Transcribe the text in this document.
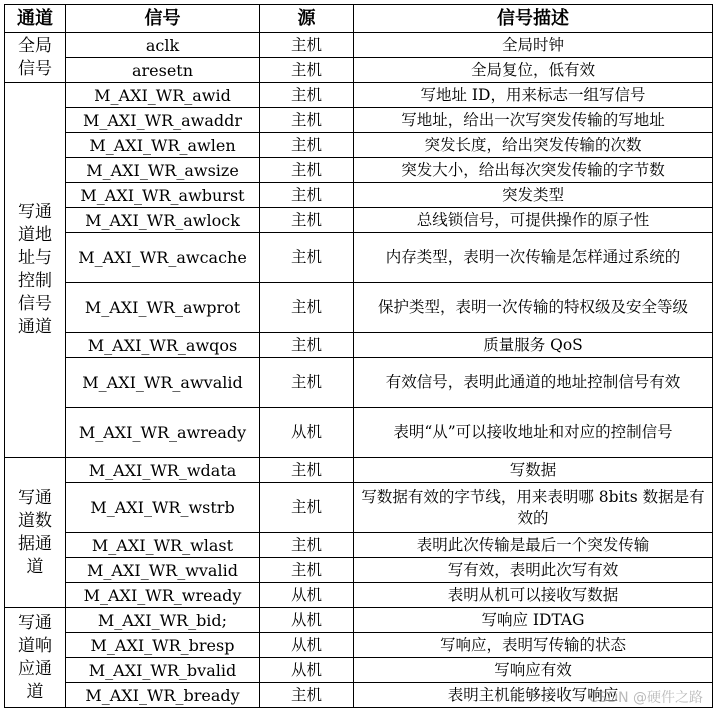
通道	信号	源	信号描述
全局信号	aclk	主机	全局时钟
	aresetn	主机	全局复位，低有效
写通道地址与控制信号通道	M_AXI_WR_awid	主机	写地址 ID，用来标志一组写信号
	M_AXI_WR_awaddr	主机	写地址，给出一次写突发传输的写地址
	M_AXI_WR_awlen	主机	突发长度，给出突发传输的次数
	M_AXI_WR_awsize	主机	突发大小，给出每次突发传输的字节数
	M_AXI_WR_awburst	主机	突发类型
	M_AXI_WR_awlock	主机	总线锁信号，可提供操作的原子性
	M_AXI_WR_awcache	主机	内存类型，表明一次传输是怎样通过系统的
	M_AXI_WR_awprot	主机	保护类型，表明一次传输的特权级及安全等级
	M_AXI_WR_awqos	主机	质量服务 QoS
	M_AXI_WR_awvalid	主机	有效信号，表明此通道的地址控制信号有效
	M_AXI_WR_awready	从机	表明“从”可以接收地址和对应的控制信号
写通道数据通道	M_AXI_WR_wdata	主机	写数据
	M_AXI_WR_wstrb	主机	写数据有效的字节线，用来表明哪 8bits 数据是有效的
	M_AXI_WR_wlast	主机	表明此次传输是最后一个突发传输
	M_AXI_WR_wvalid	主机	写有效，表明此次写有效
	M_AXI_WR_wready	从机	表明从机可以接收写数据
写通道响应通道	M_AXI_WR_bid;	从机	写响应 IDTAG
	M_AXI_WR_bresp	从机	写响应，表明写传输的状态
	M_AXI_WR_bvalid	从机	写响应有效
	M_AXI_WR_bready	主机	表明主机能够接收写响应
CSDN @硬件之路
